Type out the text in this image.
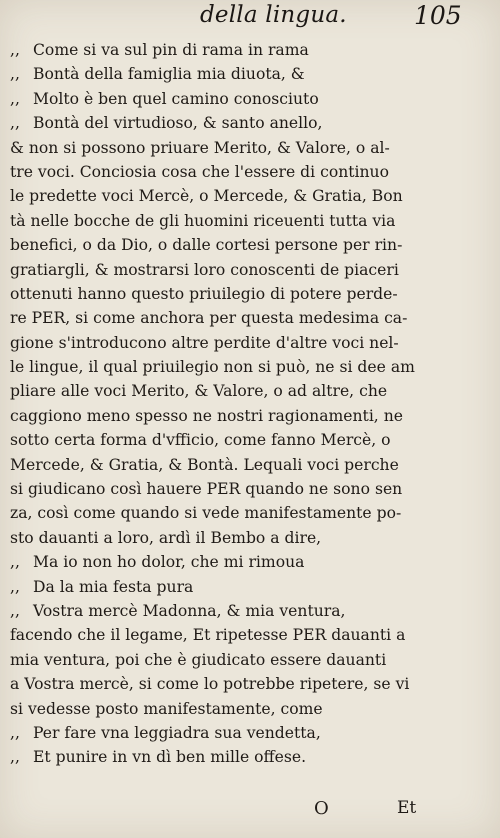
della lingua.	105
,, Come si va sul pin di rama in rama
,, Bontà della famiglia mia diuota, &
,, Molto è ben quel camino conosciuto
,, Bontà del virtudioso, & santo anello,
& non si possono priuare Merito, & Valore, o al-
tre voci. Conciosia cosa che l'essere di continuo
le predette voci Mercè, o Mercede, & Gratia, Bon
tà nelle bocche de gli huomini riceuenti tutta via
benefici, o da Dio, o dalle cortesi persone per rin-
gratiargli, & mostrarsi loro conoscenti de piaceri
ottenuti hanno questo priuilegio di potere perde-
re PER, si come anchora per questa medesima ca-
gione s'introducono altre perdite d'altre voci nel-
le lingue, il qual priuilegio non si può, ne si dee am
pliare alle voci Merito, & Valore, o ad altre, che
caggiono meno spesso ne nostri ragionamenti, ne
sotto certa forma d'vfficio, come fanno Mercè, o
Mercede, & Gratia, & Bontà. Lequali voci perche
si giudicano così hauere PER quando ne sono sen
za, così come quando si vede manifestamente po-
sto dauanti a loro, ardì il Bembo a dire,
,, Ma io non ho dolor, che mi rimoua
,, Da la mia festa pura
,, Vostra mercè Madonna, & mia ventura,
facendo che il legame, Et ripetesse PER dauanti a
mia ventura, poi che è giudicato essere dauanti
a Vostra mercè, si come lo potrebbe ripetere, se vi
si vedesse posto manifestamente, come
,, Per fare vna leggiadra sua vendetta,
,, Et punire in vn dì ben mille offese.
O	Et
